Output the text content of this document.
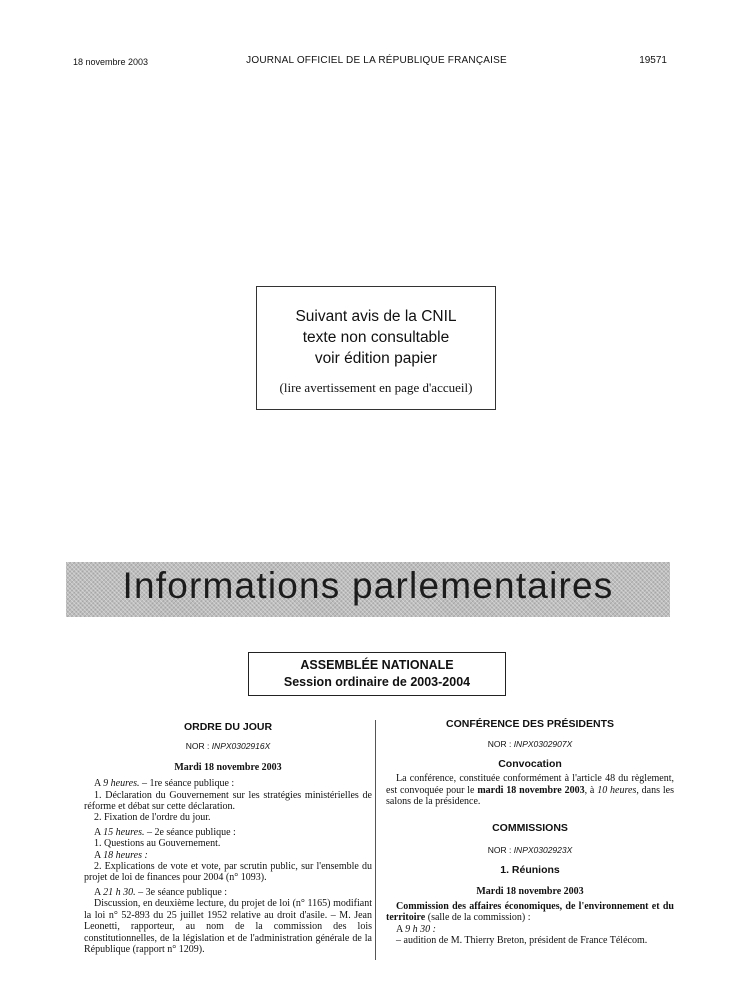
18 novembre 2003	JOURNAL OFFICIEL DE LA RÉPUBLIQUE FRANÇAISE	19571
Suivant avis de la CNIL
texte non consultable
voir édition papier
(lire avertissement en page d'accueil)
Informations parlementaires
ASSEMBLÉE NATIONALE
Session ordinaire de 2003-2004

ORDRE DU JOUR

NOR : INPX0302916X

Mardi 18 novembre 2003

A 9 heures. – 1re séance publique :

1. Déclaration du Gouvernement sur les stratégies ministérielles de réforme et débat sur cette déclaration.

2. Fixation de l'ordre du jour.

A 15 heures. – 2e séance publique :

1. Questions au Gouvernement.

A 18 heures :

2. Explications de vote et vote, par scrutin public, sur l'ensemble du projet de loi de finances pour 2004 (n° 1093).

A 21 h 30. – 3e séance publique :

Discussion, en deuxième lecture, du projet de loi (n° 1165) modifiant la loi n° 52-893 du 25 juillet 1952 relative au droit d'asile. – M. Jean Leonetti, rapporteur, au nom de la commission des lois constitutionnelles, de la législation et de l'administration générale de la République (rapport n° 1209).

CONFÉRENCE DES PRÉSIDENTS

NOR : INPX0302907X

Convocation

La conférence, constituée conformément à l'article 48 du règlement, est convoquée pour le mardi 18 novembre 2003, à 10 heures, dans les salons de la présidence.

COMMISSIONS

NOR : INPX0302923X

1. Réunions

Mardi 18 novembre 2003

Commission des affaires économiques, de l'environnement et du territoire (salle de la commission) :

A 9 h 30 :

– audition de M. Thierry Breton, président de France Télécom.
